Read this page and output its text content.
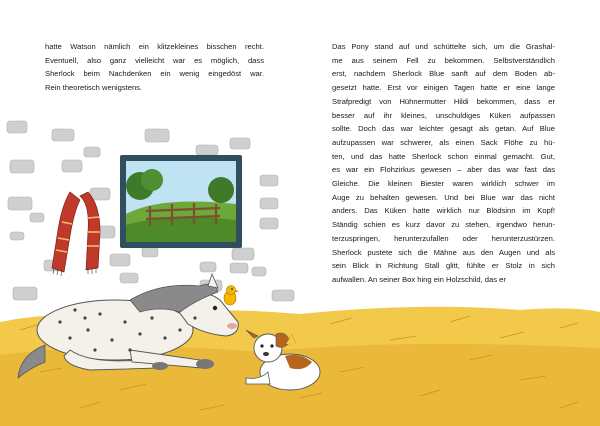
hatte Watson nämlich ein klitzekleines bisschen recht.
Eventuell, also ganz vielleicht war es möglich, dass
Sherlock beim Nachdenken ein wenig eingedöst war.
Rein theoretisch wenigstens.
Das Pony stand auf und schüttelte sich, um die Grashal-
me aus seinem Fell zu bekommen. Selbstverständlich
erst, nachdem Sherlock Blue sanft auf dem Boden ab-
gesetzt hatte. Erst vor einigen Tagen hatte er eine lange
Strafpredigt von Hühnermutter Hildi bekommen, dass er
besser auf ihr kleines, unschuldiges Küken aufpassen
sollte. Doch das war leichter gesagt als getan. Auf Blue
aufzupassen war schwerer, als einen Sack Flöhe zu hü-
ten, und das hatte Sherlock schon einmal gemacht. Gut,
es war ein Flohzirkus gewesen – aber das war fast das
Gleiche. Die kleinen Biester waren wirklich schwer im
Auge zu behalten gewesen. Und bei Blue war das nicht
anders. Das Küken hatte wirklich nur Blödsinn im Kopf!
Ständig schien es kurz davor zu stehen, irgendwo herun-
terzuspringen, herunterzufallen oder herunterzustürzen.
Sherlock pustete sich die Mähne aus den Augen und als
sein Blick in Richtung Stall glitt, fühlte er Stolz in sich
aufwallen. An seiner Box hing ein Holzschild, das er
